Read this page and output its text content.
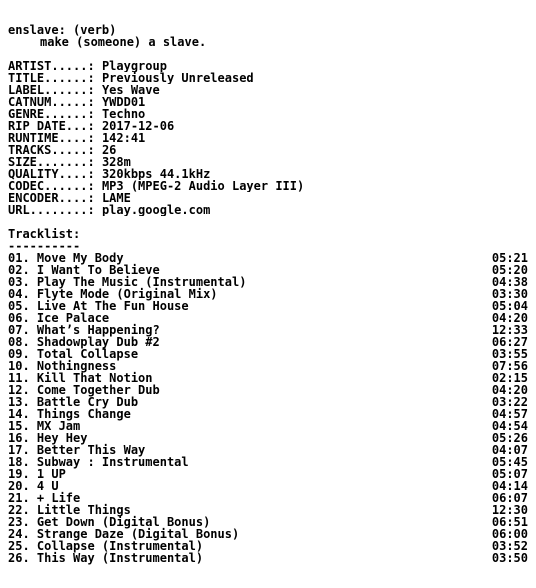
enslave: (verb)
make (someone) a slave.
ARTIST.....: Playgroup
TITLE......: Previously Unreleased
LABEL......: Yes Wave
CATNUM.....: YWDD01
GENRE......: Techno
RIP DATE...: 2017-12-06
RUNTIME....: 142:41
TRACKS.....: 26
SIZE.......: 328m
QUALITY....: 320kbps 44.1kHz
CODEC......: MP3 (MPEG-2 Audio Layer III)
ENCODER....: LAME
URL........: play.google.com
Tracklist:
----------
01. Move My Body	05:21
02. I Want To Believe	05:20
03. Play The Music (Instrumental)	04:38
04. Flyte Mode (Original Mix)	03:30
05. Live At The Fun House	05:04
06. Ice Palace	04:20
07. What’s Happening?	12:33
08. Shadowplay Dub #2	06:27
09. Total Collapse	03:55
10. Nothingness	07:56
11. Kill That Notion	02:15
12. Come Together Dub	04:20
13. Battle Cry Dub	03:22
14. Things Change	04:57
15. MX Jam	04:54
16. Hey Hey	05:26
17. Better This Way	04:07
18. Subway : Instrumental	05:45
19. 1 UP	05:07
20. 4 U	04:14
21. + Life	06:07
22. Little Things	12:30
23. Get Down (Digital Bonus)	06:51
24. Strange Daze (Digital Bonus)	06:00
25. Collapse (Instrumental)	03:52
26. This Way (Instrumental)	03:50
